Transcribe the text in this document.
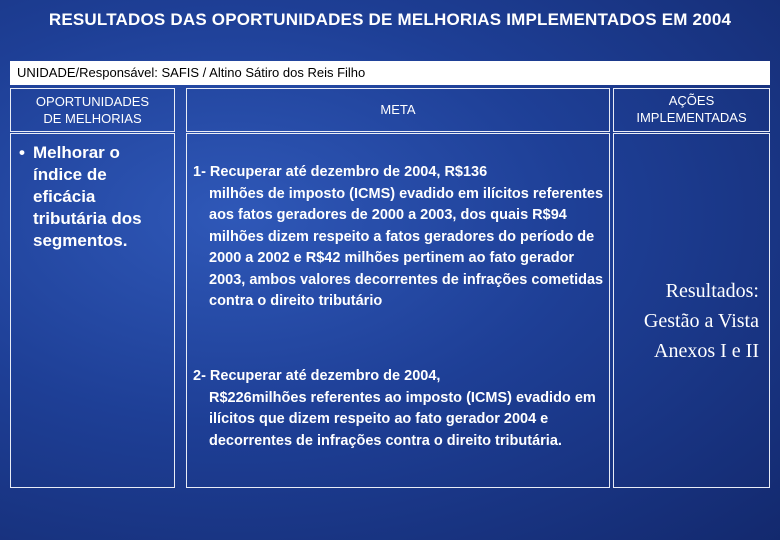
RESULTADOS DAS OPORTUNIDADES DE MELHORIAS IMPLEMENTADOS EM 2004
UNIDADE/Responsável: SAFIS / Altino Sátiro dos Reis Filho
OPORTUNIDADES
DE MELHORIAS
META
AÇÕES
IMPLEMENTADAS
• Melhorar o índice de eficácia tributária dos segmentos.
1- Recuperar até dezembro de 2004, R$136
milhões de imposto (ICMS) evadido em ilícitos referentes aos fatos geradores de 2000 a 2003, dos quais R$94 milhões dizem respeito a fatos geradores do período de 2000 a 2002 e R$42 milhões pertinem ao fato gerador 2003, ambos valores decorrentes de infrações cometidas contra o direito tributário
2- Recuperar até dezembro de 2004,
R$226milhões referentes ao imposto (ICMS) evadido em ilícitos que dizem respeito ao fato gerador 2004 e decorrentes de infrações contra o direito tributária.
Resultados:
Gestão a Vista
Anexos I e II
